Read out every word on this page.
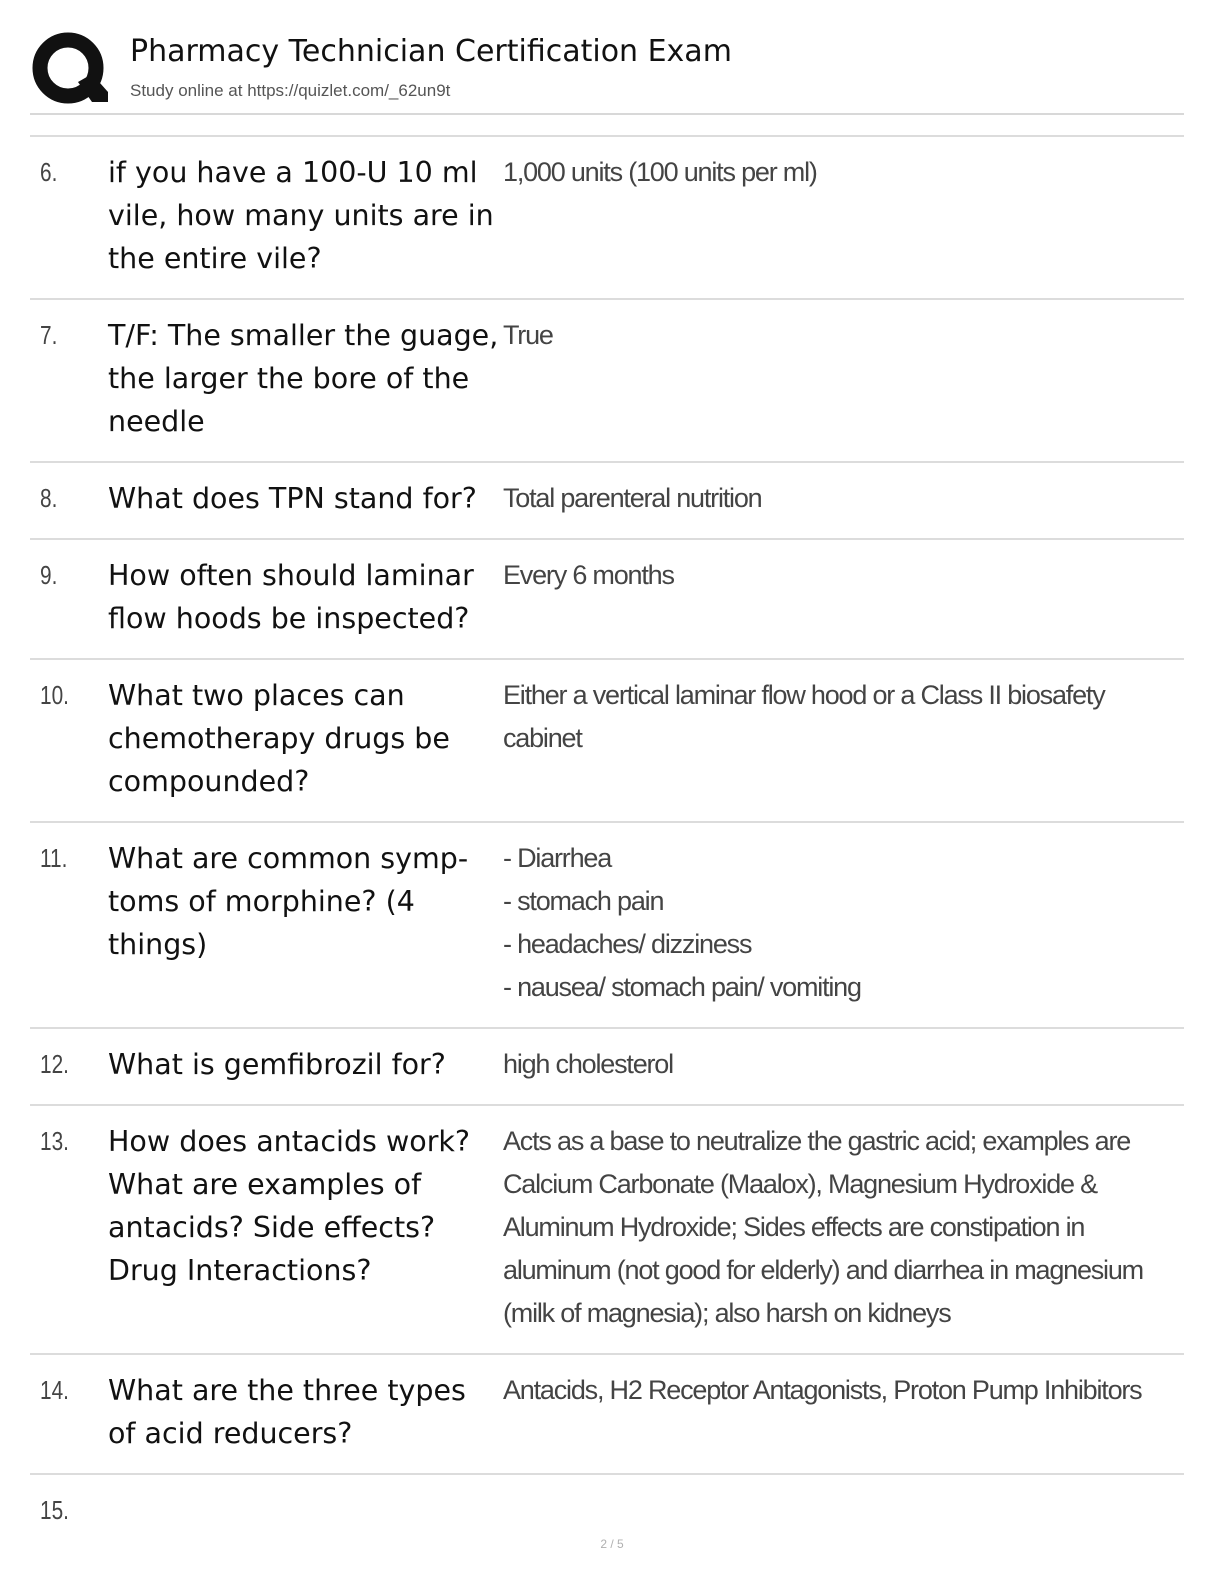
Pharmacy Technician Certification Exam
Study online at https://quizlet.com/_62un9t
6. if you have a 100-U 10 ml vile, how many units are in the entire vile?
1,000 units (100 units per ml)
7. T/F: The smaller the guage, the larger the bore of the needle
True
8. What does TPN stand for? Total parenteral nutrition
9. How often should laminar flow hoods be inspected?
Every 6 months
10. What two places can chemotherapy drugs be compounded?
Either a vertical laminar flow hood or a Class II biosafety cabinet
11. What are common symp-toms of morphine? (4 things)
- Diarrhea
- stomach pain
- headaches/ dizziness
- nausea/ stomach pain/ vomiting
12. What is gemfibrozil for?	high cholesterol
13. How does antacids work? What are examples of antacids? Side effects? Drug Interactions?
Acts as a base to neutralize the gastric acid; examples are Calcium Carbonate (Maalox), Magnesium Hydroxide & Aluminum Hydroxide; Sides effects are constipation in aluminum (not good for elderly) and diarrhea in magnesium (milk of magnesia); also harsh on kidneys
14. What are the three types of acid reducers?
Antacids, H2 Receptor Antagonists, Proton Pump Inhibitors
15.
2 / 5
